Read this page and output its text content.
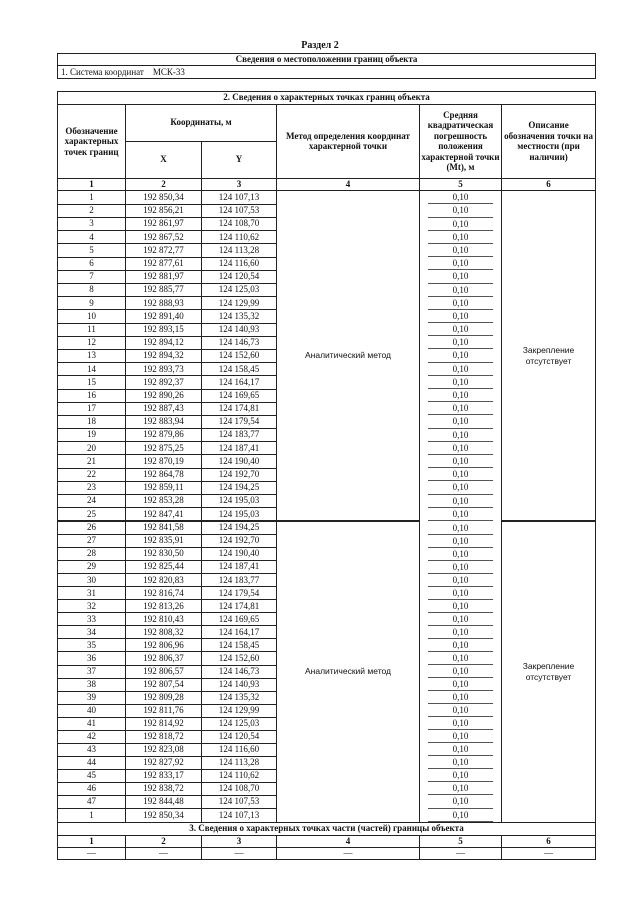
Раздел 2
Сведения о местоположении границ объекта					
1. Система координат МСК-33					

2. Сведения о характерных точках границ объекта					
Обозначение характерных точек границ	Координаты, м		Метод определения координат характерной точки	Средняя квадратическая погрешность положения характерной точки (Mt), м	Описание обозначения точки на местности (при наличии)
	X	Y			
1	2	3	4	5	6
1	192 850,34	124 107,13	Аналитический метод	0,10	Закрепление отсутствует
2	192 856,21	124 107,53		0,10	

3	192 861,97	124 108,70		0,10	

4	192 867,52	124 110,62		0,10	

5	192 872,77	124 113,28		0,10	

6	192 877,61	124 116,60		0,10	

7	192 881,97	124 120,54		0,10	

8	192 885,77	124 125,03		0,10	

9	192 888,93	124 129,99		0,10	

10	192 891,40	124 135,32		0,10	

11	192 893,15	124 140,93		0,10	

12	192 894,12	124 146,73		0,10	

13	192 894,32	124 152,60		0,10	

14	192 893,73	124 158,45		0,10	

15	192 892,37	124 164,17		0,10	

16	192 890,26	124 169,65		0,10	

17	192 887,43	124 174,81		0,10	

18	192 883,94	124 179,54		0,10	

19	192 879,86	124 183,77		0,10	

20	192 875,25	124 187,41		0,10	

21	192 870,19	124 190,40		0,10	

22	192 864,78	124 192,70		0,10	

23	192 859,11	124 194,25		0,10	

24	192 853,28	124 195,03		0,10	

25	192 847,41	124 195,03		0,10	
26	192 841,58	124 194,25	Аналитический метод	0,10	Закрепление отсутствует
27	192 835,91	124 192,70		0,10	

28	192 830,50	124 190,40		0,10	

29	192 825,44	124 187,41		0,10	

30	192 820,83	124 183,77		0,10	

31	192 816,74	124 179,54		0,10	

32	192 813,26	124 174,81		0,10	

33	192 810,43	124 169,65		0,10	

34	192 808,32	124 164,17		0,10	

35	192 806,96	124 158,45		0,10	

36	192 806,37	124 152,60		0,10	

37	192 806,57	124 146,73		0,10	

38	192 807,54	124 140,93		0,10	

39	192 809,28	124 135,32		0,10	

40	192 811,76	124 129,99		0,10	

41	192 814,92	124 125,03		0,10	

42	192 818,72	124 120,54		0,10	

43	192 823,08	124 116,60		0,10	

44	192 827,92	124 113,28		0,10	

45	192 833,17	124 110,62		0,10	

46	192 838,72	124 108,70		0,10	

47	192 844,48	124 107,53		0,10	

1	192 850,34	124 107,13		0,10	

3. Сведения о характерных точках части (частей) границы объекта					
1	2	3	4	5	6
—	—	—	—	—	—
